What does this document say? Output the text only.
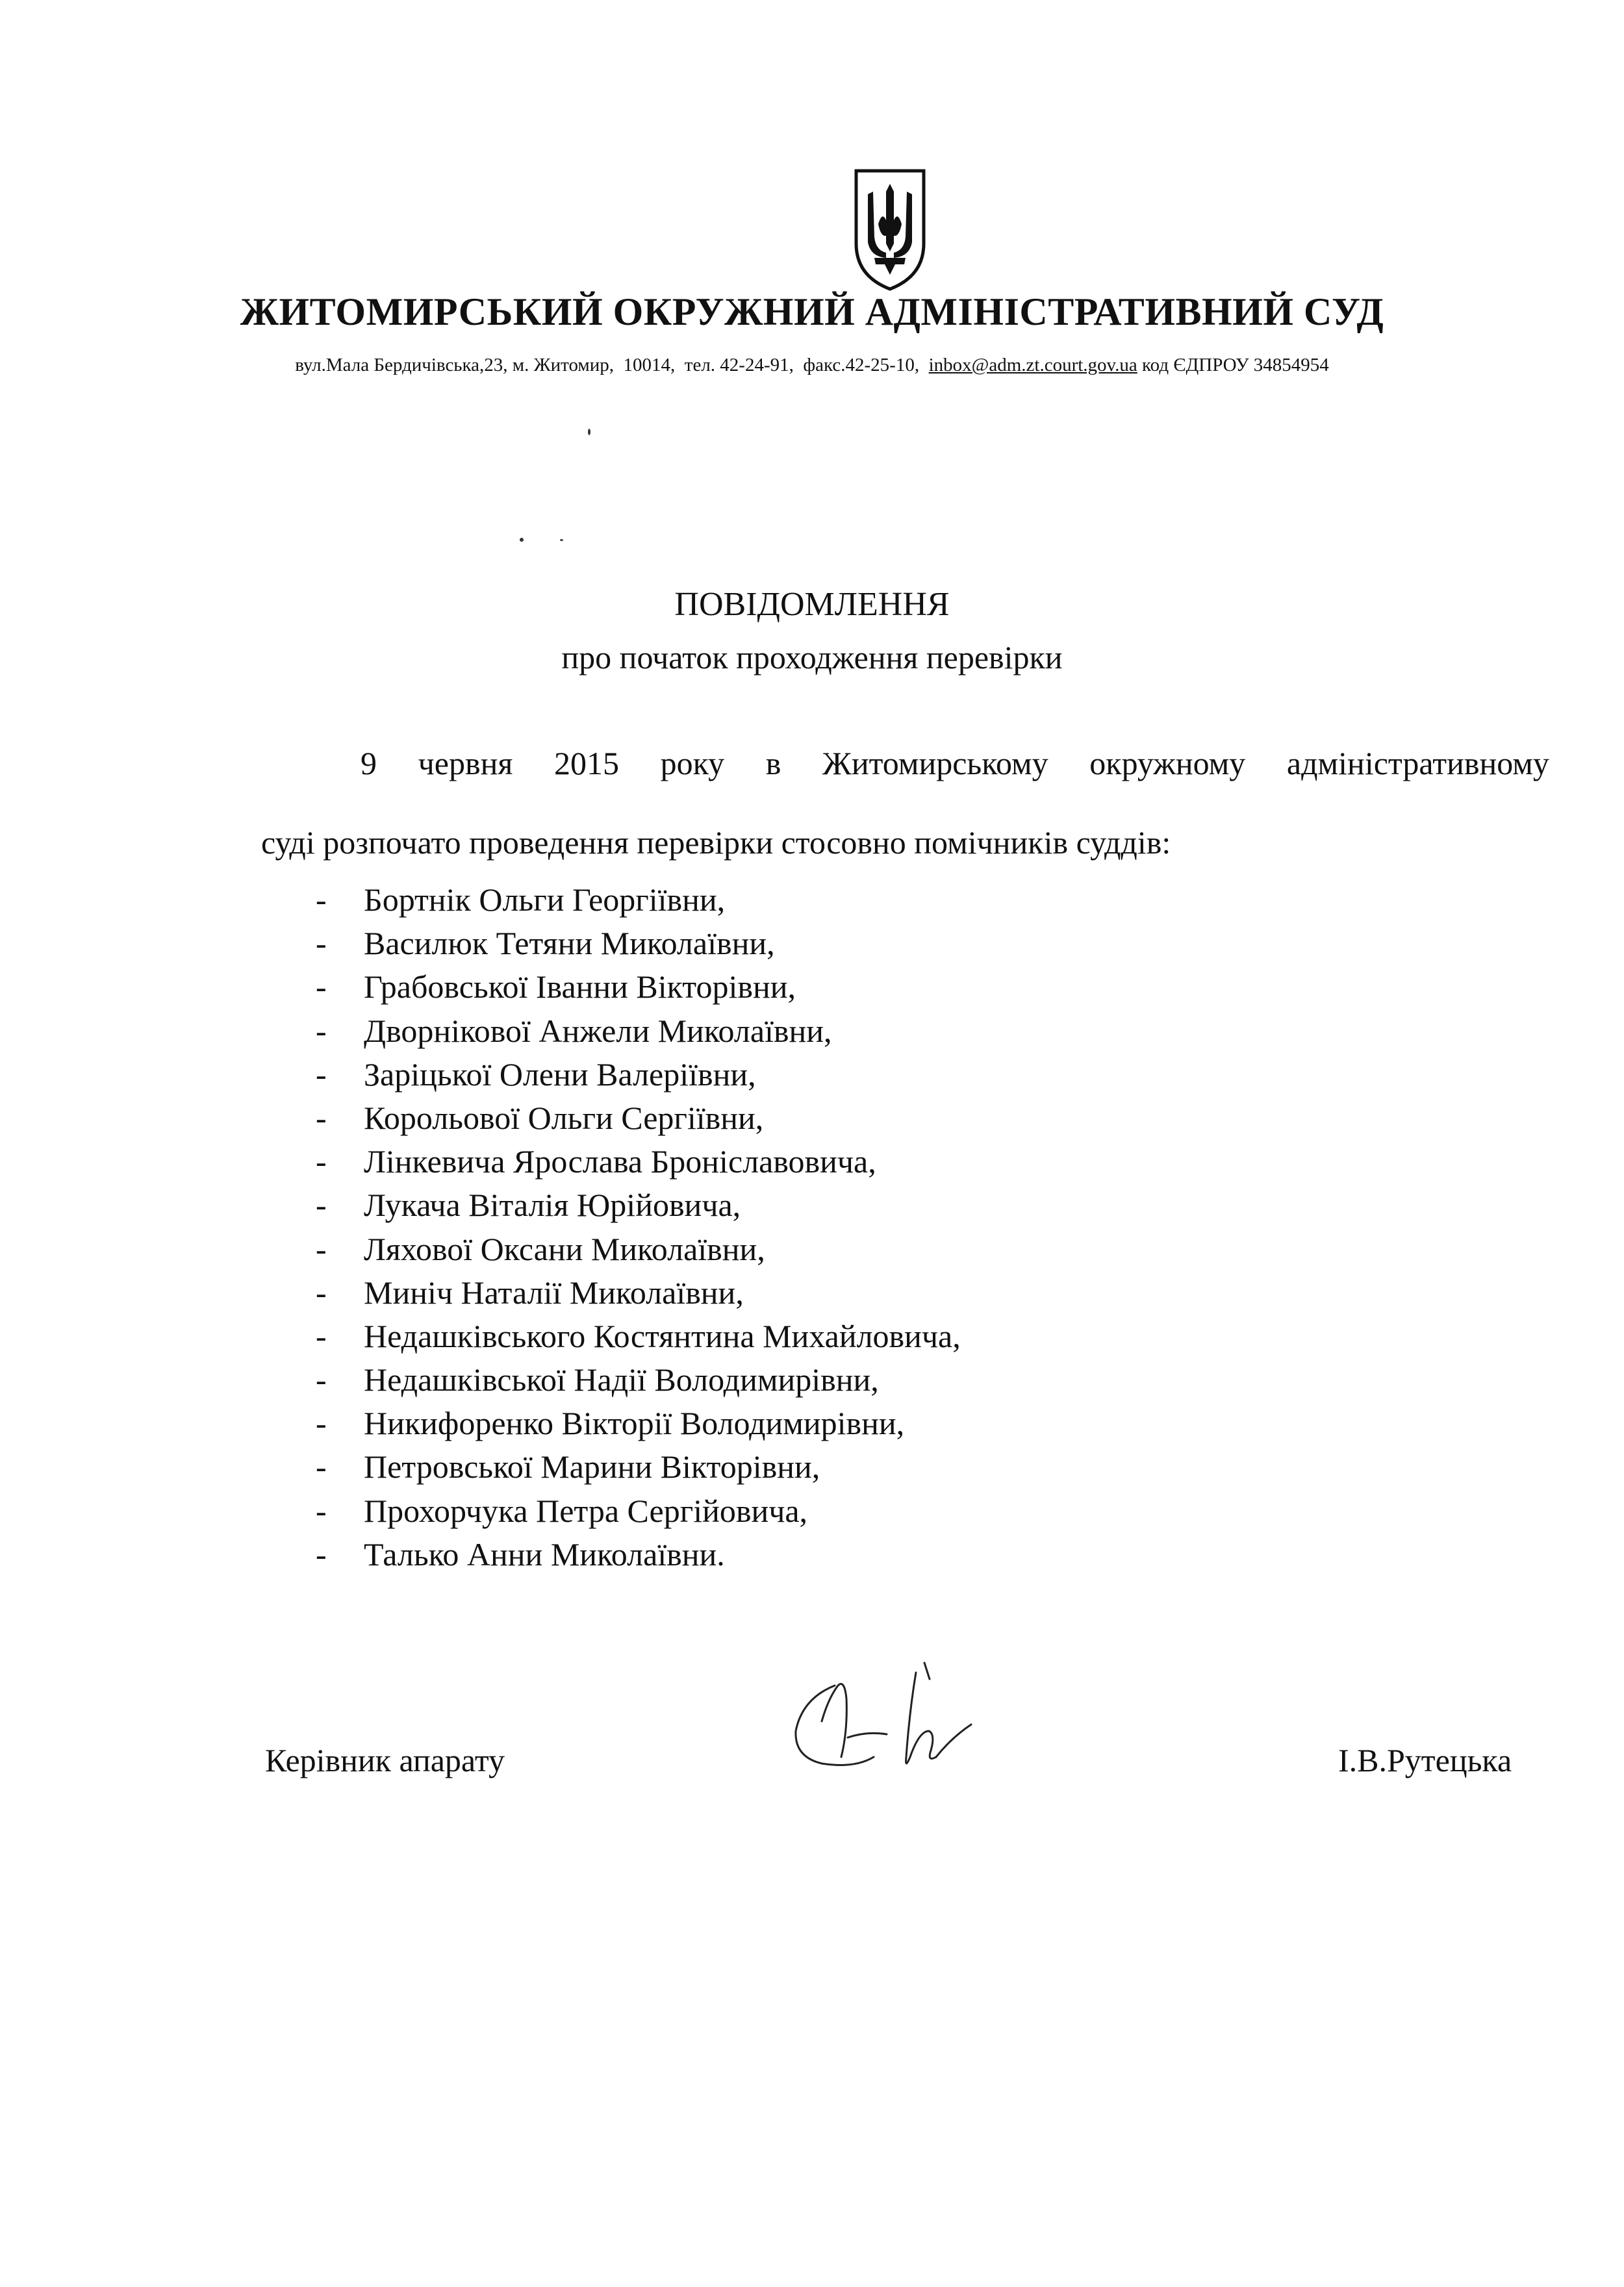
ЖИТОМИРСЬКИЙ ОКРУЖНИЙ АДМІНІСТРАТИВНИЙ СУД
вул.Мала Бердичівська,23, м. Житомир, 10014, тел. 42-24-91, факс.42-25-10, inbox@adm.zt.court.gov.ua код ЄДПРОУ 34854954
ПОВІДОМЛЕННЯ
про початок проходження перевірки
9 червня 2015 року в Житомирському окружному адміністративному
суді розпочато проведення перевірки стосовно помічників суддів:
- Бортнік Ольги Георгіївни,
- Василюк Тетяни Миколаївни,
- Грабовської Іванни Вікторівни,
- Дворнікової Анжели Миколаївни,
- Заріцької Олени Валеріївни,
- Корольової Ольги Сергіївни,
- Лінкевича Ярослава Броніславовича,
- Лукача Віталія Юрійовича,
- Ляхової Оксани Миколаївни,
- Миніч Наталії Миколаївни,
- Недашківського Костянтина Михайловича,
- Недашківської Надії Володимирівни,
- Никифоренко Вікторії Володимирівни,
- Петровської Марини Вікторівни,
- Прохорчука Петра Сергійовича,
- Талько Анни Миколаївни.
Керівник апарату	І.В.Рутецька
